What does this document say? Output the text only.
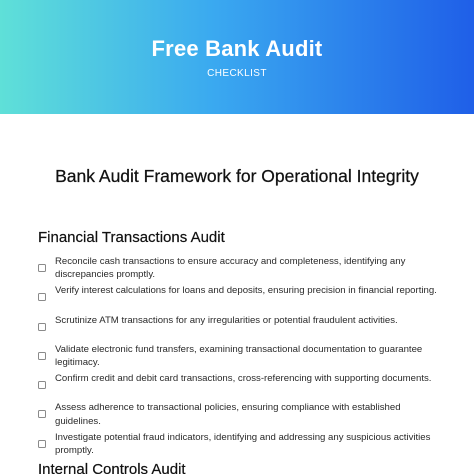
Free Bank Audit
CHECKLIST
Bank Audit Framework for Operational Integrity
Financial Transactions Audit
Reconcile cash transactions to ensure accuracy and completeness, identifying any discrepancies promptly.
Verify interest calculations for loans and deposits, ensuring precision in financial reporting.
Scrutinize ATM transactions for any irregularities or potential fraudulent activities.
Validate electronic fund transfers, examining transactional documentation to guarantee legitimacy.
Confirm credit and debit card transactions, cross-referencing with supporting documents.
Assess adherence to transactional policies, ensuring compliance with established guidelines.
Investigate potential fraud indicators, identifying and addressing any suspicious activities promptly.
Internal Controls Audit
